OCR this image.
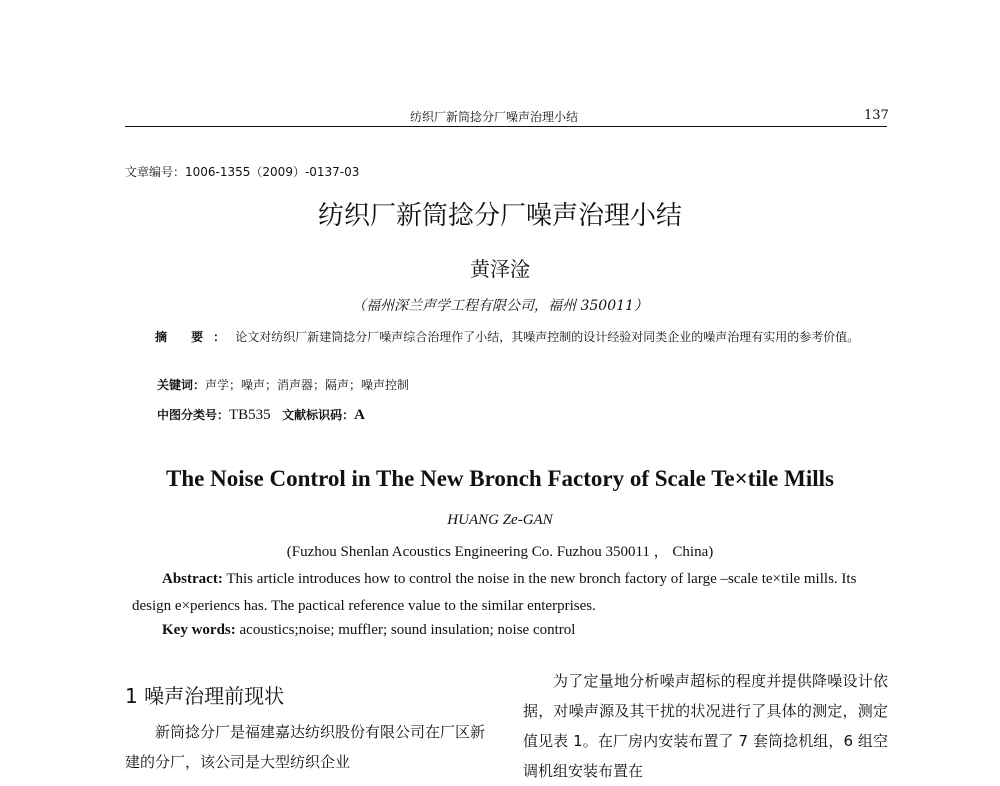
纺织厂新筒捻分厂噪声治理小结	137
文章编号：1006-1355（2009）-0137-03
纺织厂新筒捻分厂噪声治理小结
黄泽淦
（福州深兰声学工程有限公司，福州 350011）
摘 要：论文对纺织厂新建筒捻分厂噪声综合治理作了小结，其噪声控制的设计经验对同类企业的噪声治理有实用的参考价值。
关键词：声学；噪声；消声器；隔声；噪声控制
中图分类号：TB535 文献标识码：A
The Noise Control in The New Bronch Factory of Scale Te×tile Mills
HUANG Ze-GAN
(Fuzhou Shenlan Acoustics Engineering Co. Fuzhou 350011 ， China)
Abstract: This article introduces how to control the noise in the new bronch factory of large –scale te×tile mills. Its design e×periencs has. The pactical reference value to the similar enterprises.
Key words: acoustics;noise; muffler; sound insulation; noise control
1 噪声治理前现状
新筒捻分厂是福建嘉达纺织股份有限公司在厂区新建的分厂，该公司是大型纺织企业
为了定量地分析噪声超标的程度并提供降噪设计依据，对噪声源及其干扰的状况进行了具体的测定，测定值见表 1。在厂房内安装布置了 7 套筒捻机组，6 组空调机组安装布置在
